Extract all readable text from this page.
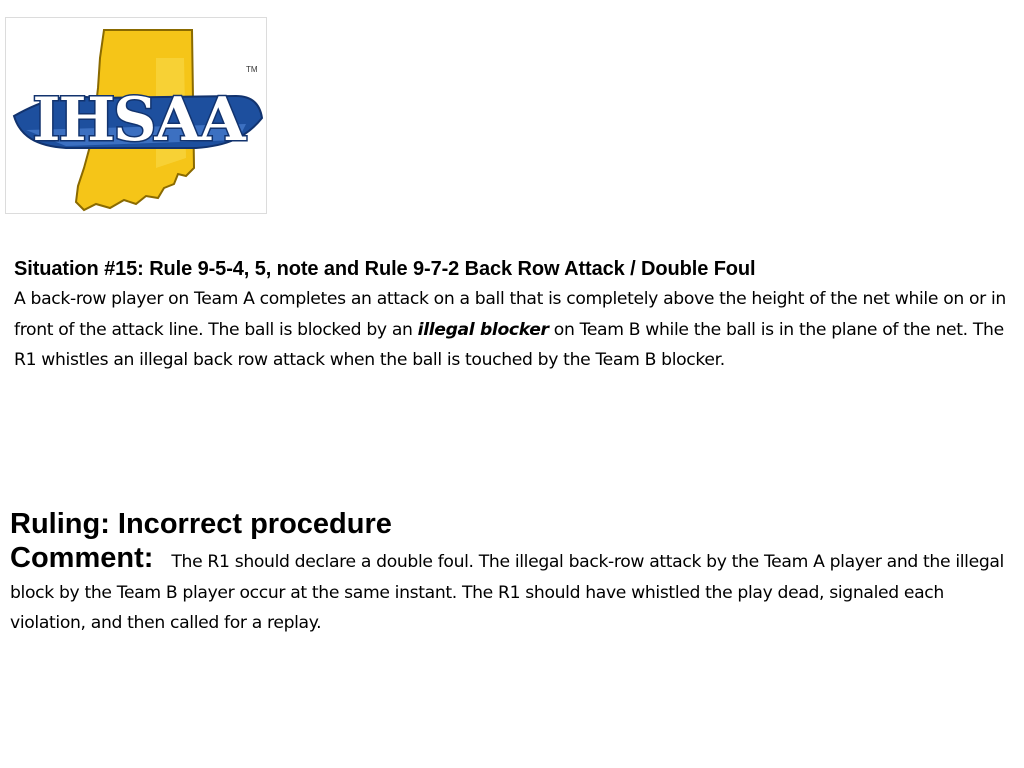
IHSAA
TM
Situation #15: Rule 9-5-4, 5, note and Rule 9-7-2 Back Row Attack / Double Foul

A back-row player on Team A completes an attack on a ball that is completely above the height of the net while on or in front of the attack line. The ball is blocked by an illegal blocker on Team B while the ball is in the plane of the net. The R1 whistles an illegal back row attack when the ball is touched by the Team B blocker.

Ruling: Incorrect procedure
Comment: The R1 should declare a double foul. The illegal back-row attack by the Team A player and the illegal block by the Team B player occur at the same instant. The R1 should have whistled the play dead, signaled each violation, and then called for a replay.
